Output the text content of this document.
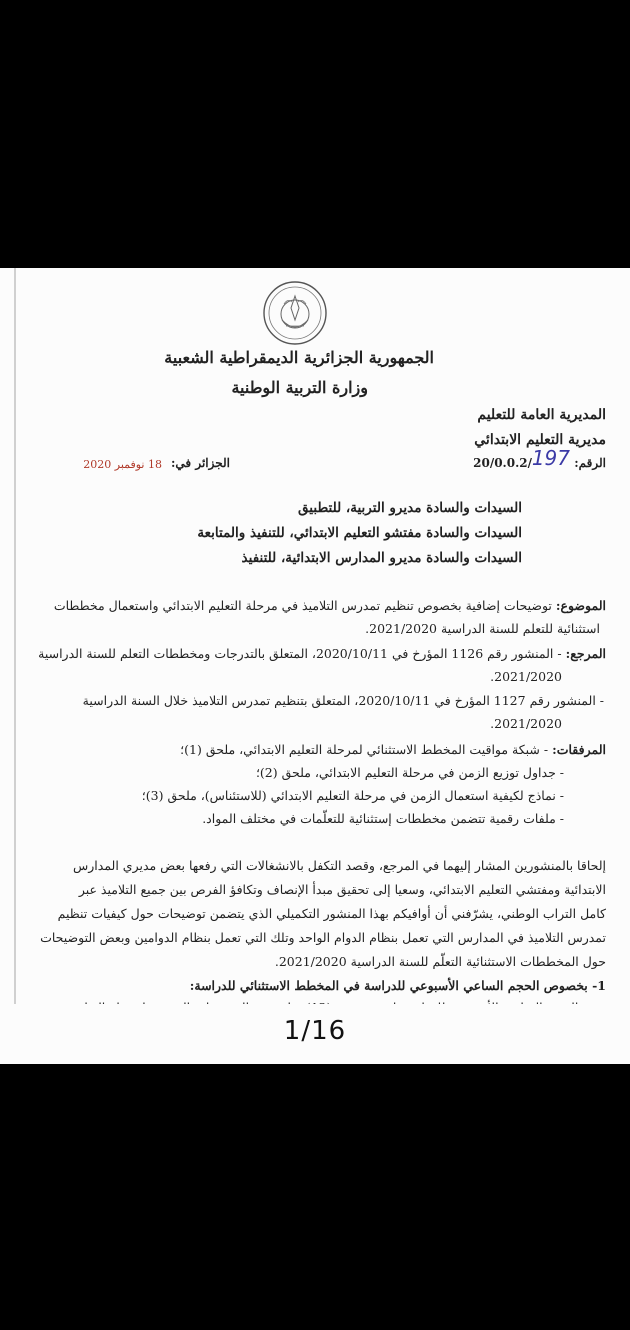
الجمهورية الجزائرية الديمقراطية الشعبية
وزارة التربية الوطنية
المديرية العامة للتعليم
مديرية التعليم الابتدائي
الرقم:
197
20/0.0.2/
الجزائر في:
18 نوفمبر 2020
السيدات والسادة مديرو التربية، للتطبيق
السيدات والسادة مفتشو التعليم الابتدائي، للتنفيذ والمتابعة
السيدات والسادة مديرو المدارس الابتدائية، للتنفيذ
الموضوع: توضيحات إضافية بخصوص تنظيم تمدرس التلاميذ في مرحلة التعليم الابتدائي واستعمال مخططات
استثنائية للتعلم للسنة الدراسية 2021/2020.
المرجع: - المنشور رقم 1126 المؤرخ في 2020/10/11، المتعلق بالتدرجات ومخططات التعلم للسنة الدراسية
2021/2020.
- المنشور رقم 1127 المؤرخ في 2020/10/11، المتعلق بتنظيم تمدرس التلاميذ خلال السنة الدراسية
2021/2020.
المرفقات: - شبكة مواقيت المخطط الاستثنائي لمرحلة التعليم الابتدائي، ملحق (1)؛
- جداول توزيع الزمن في مرحلة التعليم الابتدائي، ملحق (2)؛
- نماذج لكيفية استعمال الزمن في مرحلة التعليم الابتدائي (للاستئناس)، ملحق (3)؛
- ملفات رقمية تتضمن مخططات إستثنائية للتعلّمات في مختلف المواد.
إلحاقا بالمنشورين المشار إليهما في المرجع، وقصد التكفل بالانشغالات التي رفعها بعض مديري المدارس
الابتدائية ومفتشي التعليم الابتدائي، وسعيا إلى تحقيق مبدأ الإنصاف وتكافؤ الفرص بين جميع التلاميذ عبر
كامل التراب الوطني، يشرّفني أن أوافيكم بهذا المنشور التكميلي الذي يتضمن توضيحات حول كيفيات تنظيم
تمدرس التلاميذ في المدارس التي تعمل بنظام الدوام الواحد وتلك التي تعمل بنظام الدوامين وبعض التوضيحات
حول المخططات الاستثنائية التعلّم للسنة الدراسية 2021/2020.
1- بخصوص الحجم الساعي الأسبوعي للدراسة في المخطط الاستثنائي للدراسة:
1/16
